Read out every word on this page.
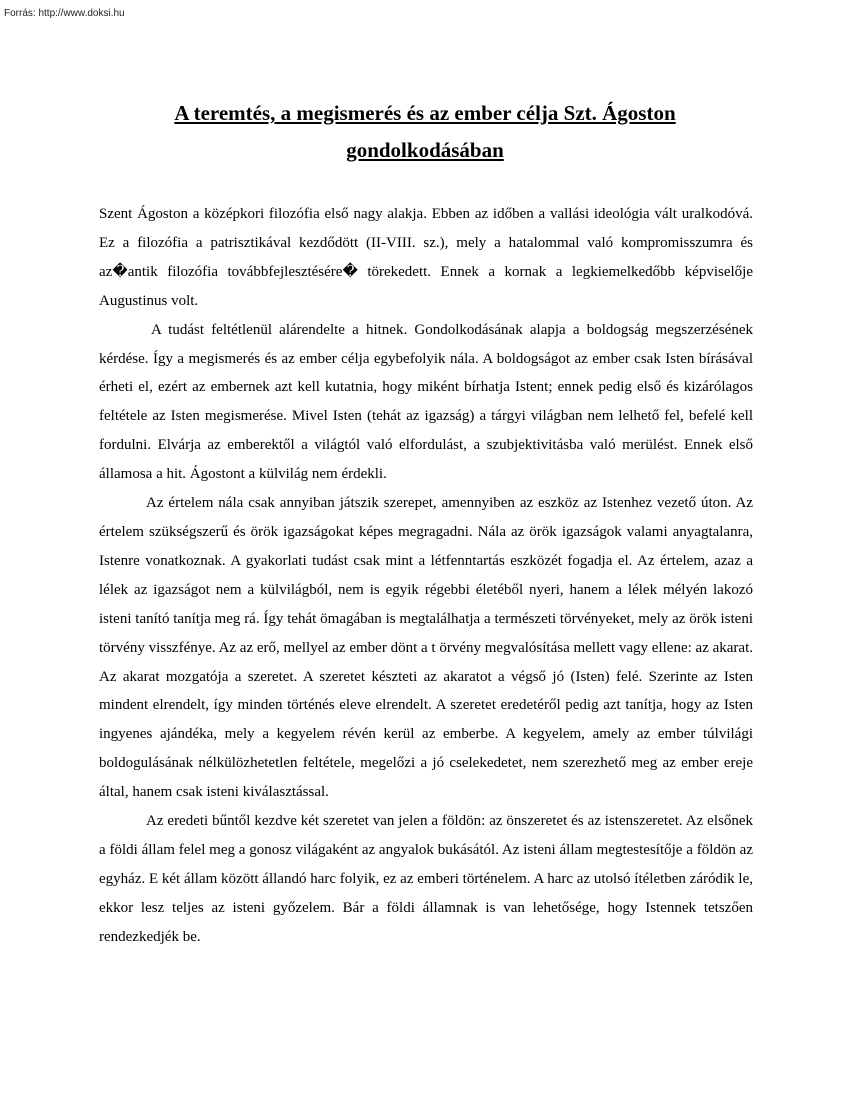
Forrás: http://www.doksi.hu
A teremtés, a megismerés és az ember célja Szt. Ágoston gondolkodásában

Szent Ágoston a középkori filozófia első nagy alakja. Ebben az időben a vallási ideológia vált uralkodóvá. Ez a filozófia a patrisztikával kezdődött (II-VIII. sz.), mely a hatalommal való kompromisszumra és az�antik filozófia továbbfejlesztésére� törekedett. Ennek a kornak a legkiemelkedőbb képviselője Augustinus volt.

A tudást feltétlenül alárendelte a hitnek. Gondolkodásának alapja a boldogság megszerzésének kérdése. Így a megismerés és az ember célja egybefolyik nála. A boldogságot az ember csak Isten bírásával érheti el, ezért az embernek azt kell kutatnia, hogy miként bírhatja Istent; ennek pedig első és kizárólagos feltétele az Isten megismerése. Mivel Isten (tehát az igazság) a tárgyi világban nem lelhető fel, befelé kell fordulni. Elvárja az emberektől a világtól való elfordulást, a szubjektivitásba való merülést. Ennek első államosa a hit. Ágostont a külvilág nem érdekli.

Az értelem nála csak annyiban játszik szerepet, amennyiben az eszköz az Istenhez vezető úton. Az értelem szükségszerű és örök igazságokat képes megragadni. Nála az örök igazságok valami anyagtalanra, Istenre vonatkoznak. A gyakorlati tudást csak mint a létfenntartás eszközét fogadja el. Az értelem, azaz a lélek az igazságot nem a külvilágból, nem is egyik régebbi életéből nyeri, hanem a lélek mélyén lakozó isteni tanító tanítja meg rá. Így tehát ömagában is megtalálhatja a természeti törvényeket, mely az örök isteni törvény visszfénye. Az az erő, mellyel az ember dönt a t örvény megvalósítása mellett vagy ellene: az akarat. Az akarat mozgatója a szeretet. A szeretet készteti az akaratot a végső jó (Isten) felé. Szerinte az Isten mindent elrendelt, így minden történés eleve elrendelt. A szeretet eredetéről pedig azt tanítja, hogy az Isten ingyenes ajándéka, mely a kegyelem révén kerül az emberbe. A kegyelem, amely az ember túlvilági boldogulásának nélkülözhetetlen feltétele, megelőzi a jó cselekedetet, nem szerezhető meg az ember ereje által, hanem csak isteni kiválasztással.

Az eredeti bűntől kezdve két szeretet van jelen a földön: az önszeretet és az istenszeretet. Az elsőnek a földi állam felel meg a gonosz világaként az angyalok bukásától. Az isteni állam megtestesítője a földön az egyház. E két állam között állandó harc folyik, ez az emberi történelem. A harc az utolsó ítéletben záródik le, ekkor lesz teljes az isteni győzelem. Bár a földi államnak is van lehetősége, hogy Istennek tetszően rendezkedjék be.
